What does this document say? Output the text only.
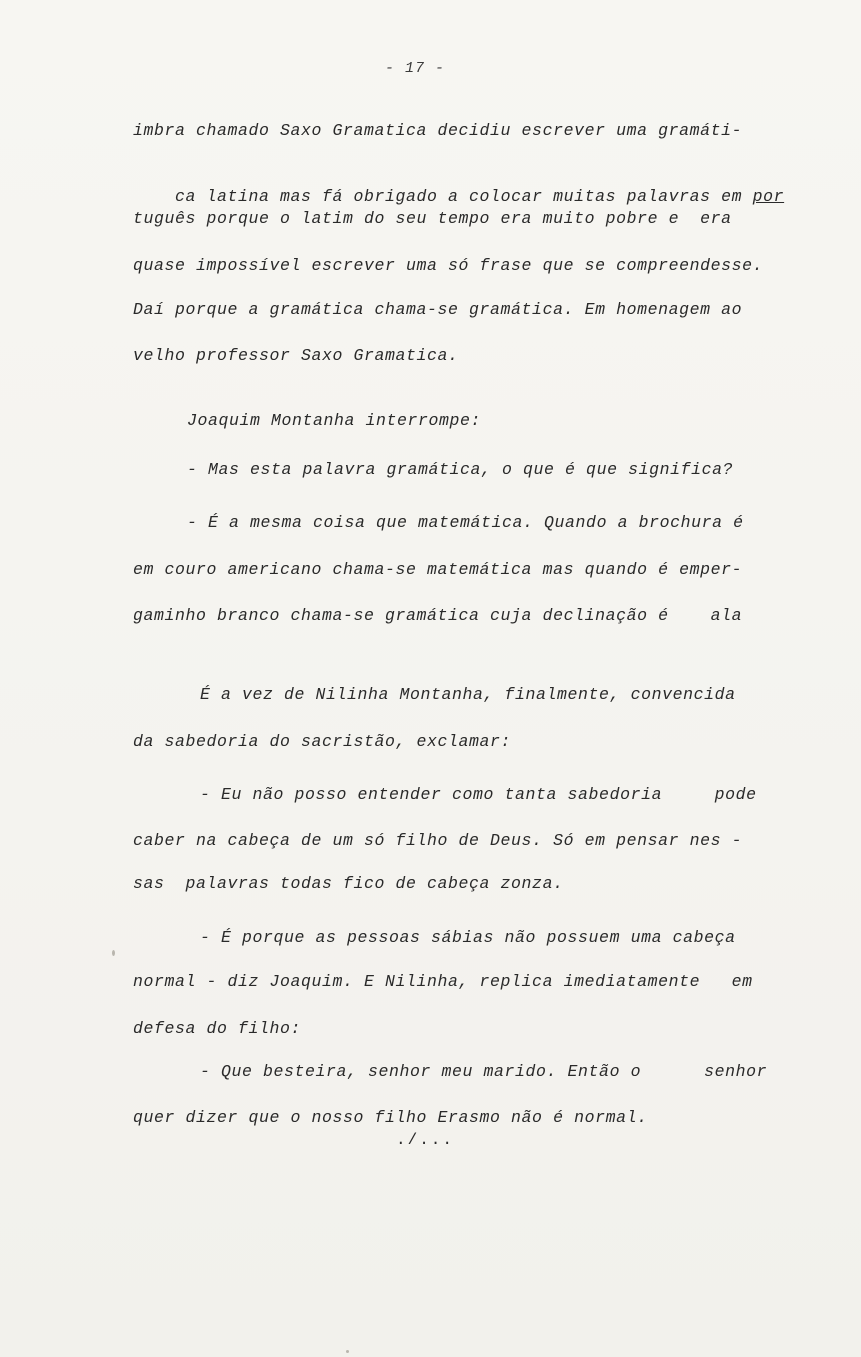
- 17 -
imbra chamado Saxo Gramatica decidiu escrever uma gramáti-

ca latina mas fá obrigado a colocar muitas palavras em por

tuguês porque o latim do seu tempo era muito pobre e  era
quase impossível escrever uma só frase que se compreendesse.
Daí porque a gramática chama-se gramática. Em homenagem ao
velho professor Saxo Gramatica.
Joaquim Montanha interrompe:
- Mas esta palavra gramática, o que é que significa?
- É a mesma coisa que matemática. Quando a brochura é
em couro americano chama-se matemática mas quando é emper-
gaminho branco chama-se gramática cuja declinação é    ala
É a vez de Nilinha Montanha, finalmente, convencida
da sabedoria do sacristão, exclamar:
- Eu não posso entender como tanta sabedoria     pode
caber na cabeça de um só filho de Deus. Só em pensar nes -
sas  palavras todas fico de cabeça zonza.
- É porque as pessoas sábias não possuem uma cabeça
normal - diz Joaquim. E Nilinha, replica imediatamente   em
defesa do filho:
- Que besteira, senhor meu marido. Então o      senhor
quer dizer que o nosso filho Erasmo não é normal.
./...
